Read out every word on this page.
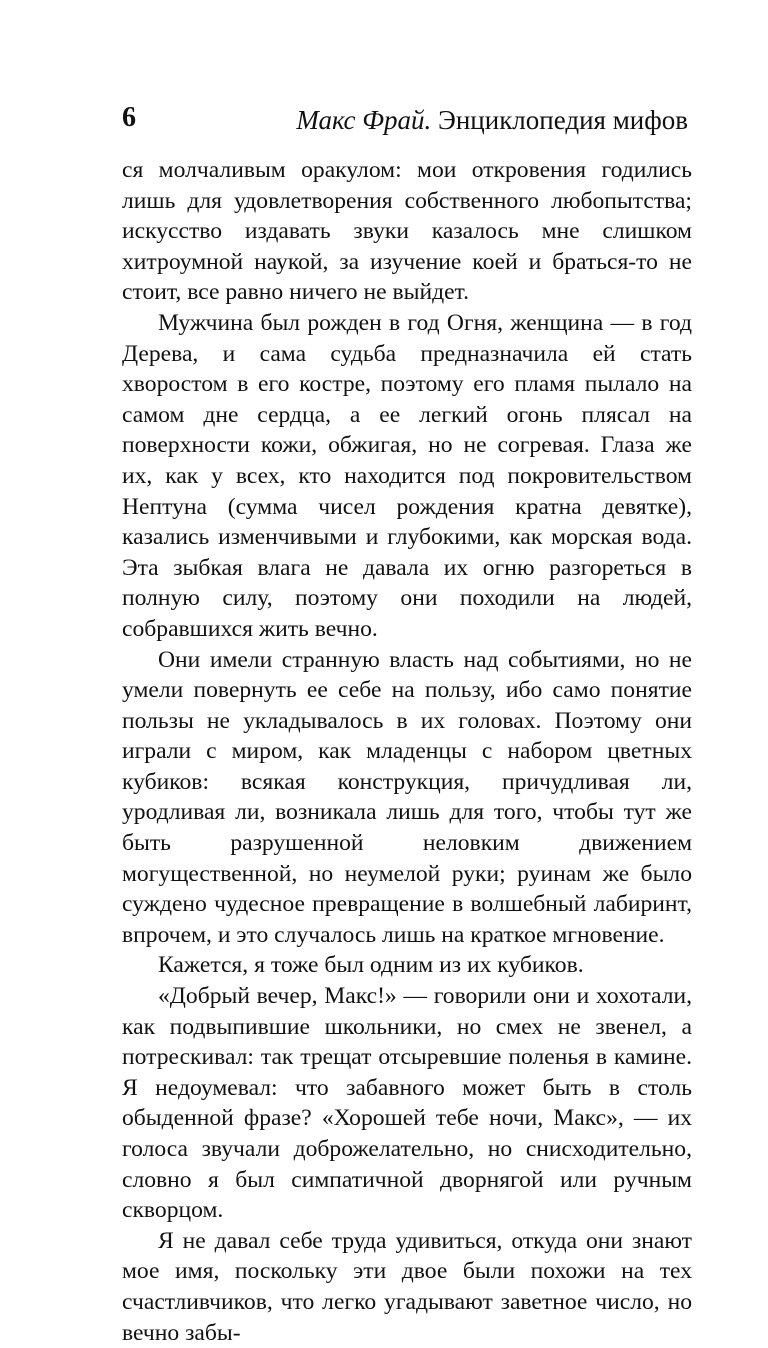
6	Макс Фрай. Энциклопедия мифов

ся молчаливым оракулом: мои откровения годились лишь для удовлетворения собственного любопытства; искусство издавать звуки казалось мне слишком хитроумной наукой, за изучение коей и браться-то не стоит, все равно ничего не выйдет.

Мужчина был рожден в год Огня, женщина — в год Дерева, и сама судьба предназначила ей стать хворостом в его костре, поэтому его пламя пылало на самом дне сердца, а ее легкий огонь плясал на поверхности кожи, обжигая, но не согревая. Глаза же их, как у всех, кто находится под покровительством Нептуна (сумма чисел рождения кратна девятке), казались изменчивыми и глубокими, как морская вода. Эта зыбкая влага не давала их огню разгореться в полную силу, поэтому они походили на людей, собравшихся жить вечно.

Они имели странную власть над событиями, но не умели повернуть ее себе на пользу, ибо само понятие пользы не укладывалось в их головах. Поэтому они играли с миром, как младенцы с набором цветных кубиков: всякая конструкция, причудливая ли, уродливая ли, возникала лишь для того, чтобы тут же быть разрушенной неловким движением могущественной, но неумелой руки; руинам же было суждено чудесное превращение в волшебный лабиринт, впрочем, и это случалось лишь на краткое мгновение.

Кажется, я тоже был одним из их кубиков.

«Добрый вечер, Макс!» — говорили они и хохотали, как подвыпившие школьники, но смех не звенел, а потрескивал: так трещат отсыревшие поленья в камине. Я недоумевал: что забавного может быть в столь обыденной фразе? «Хорошей тебе ночи, Макс», — их голоса звучали доброжелательно, но снисходительно, словно я был симпатичной дворнягой или ручным скворцом.

Я не давал себе труда удивиться, откуда они знают мое имя, поскольку эти двое были похожи на тех счастливчиков, что легко угадывают заветное число, но вечно забы-
